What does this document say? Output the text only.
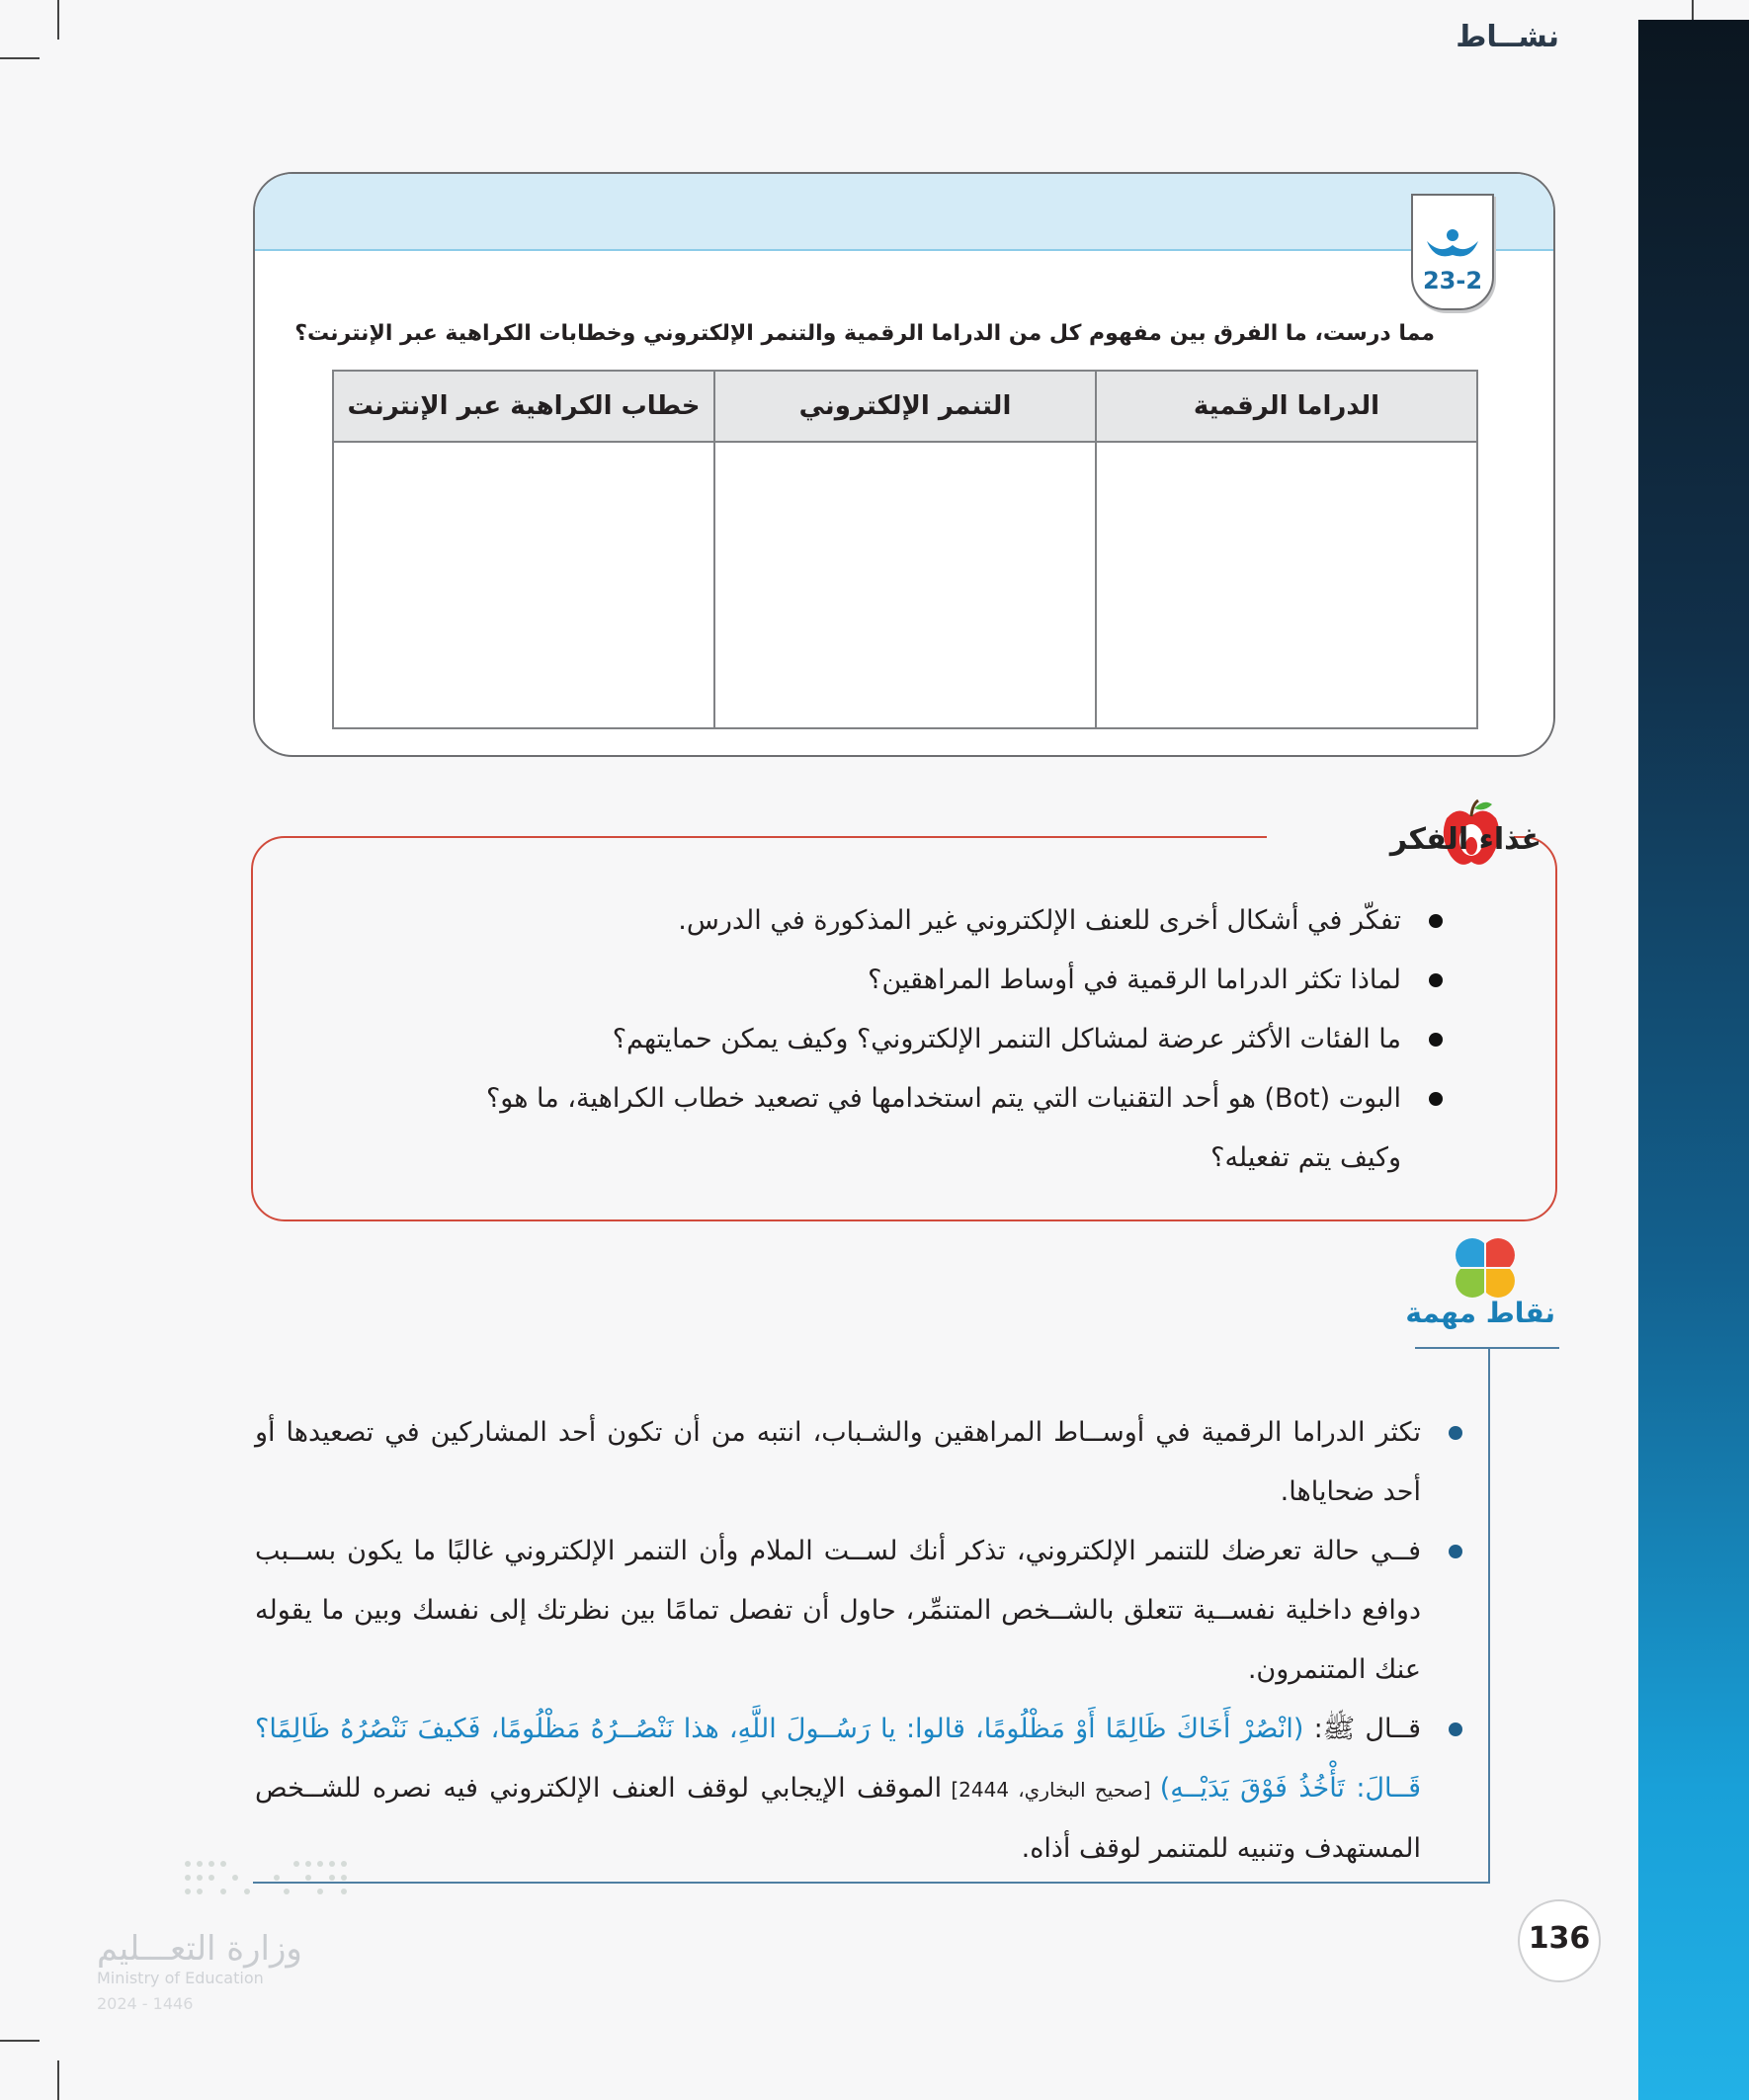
نشــاط
23-2
مما درست، ما الفرق بين مفهوم كل من الدراما الرقمية والتنمر الإلكتروني وخطابات الكراهية عبر الإنترنت؟
الدراما الرقمية	التنمر الإلكتروني	خطاب الكراهية عبر الإنترنت

غذاء الفكر
تفكّر في أشكال أخرى للعنف الإلكتروني غير المذكورة في الدرس.
لماذا تكثر الدراما الرقمية في أوساط المراهقين؟
ما الفئات الأكثر عرضة لمشاكل التنمر الإلكتروني؟ وكيف يمكن حمايتهم؟
البوت (Bot) هو أحد التقنيات التي يتم استخدامها في تصعيد خطاب الكراهية، ما هو؟ وكيف يتم تفعيله؟
نقاط مهمة
تكثر الدراما الرقمية في أوســاط المراهقين والشـباب، انتبه من أن تكون أحد المشاركين في تصعيدها أو أحد ضحاياها.
فــي حالة تعرضك للتنمر الإلكتروني، تذكر أنك لســت الملام وأن التنمر الإلكتروني غالبًا ما يكون بســبب دوافع داخلية نفســية تتعلق بالشــخص المتنمِّر، حاول أن تفصل تمامًا بين نظرتك إلى نفسك وبين ما يقوله عنك المتنمرون.
قــال ﷺ: (انْصُرْ أَخَاكَ ظَالِمًا أَوْ مَظْلُومًا، قالوا: يا رَسُــولَ اللَّهِ، هذا نَنْصُــرُهُ مَظْلُومًا، فَكيفَ نَنْصُرُهُ ظَالِمًا؟ قَــالَ: تَأْخُذُ فَوْقَ يَدَيْــهِ) [صحيح البخاري، 2444] الموقف الإيجابي لوقف العنف الإلكتروني فيه نصره للشــخص المستهدف وتنبيه للمتنمر لوقف أذاه.
136
وزارة التعـــليم
Ministry of Education
2024 - 1446
